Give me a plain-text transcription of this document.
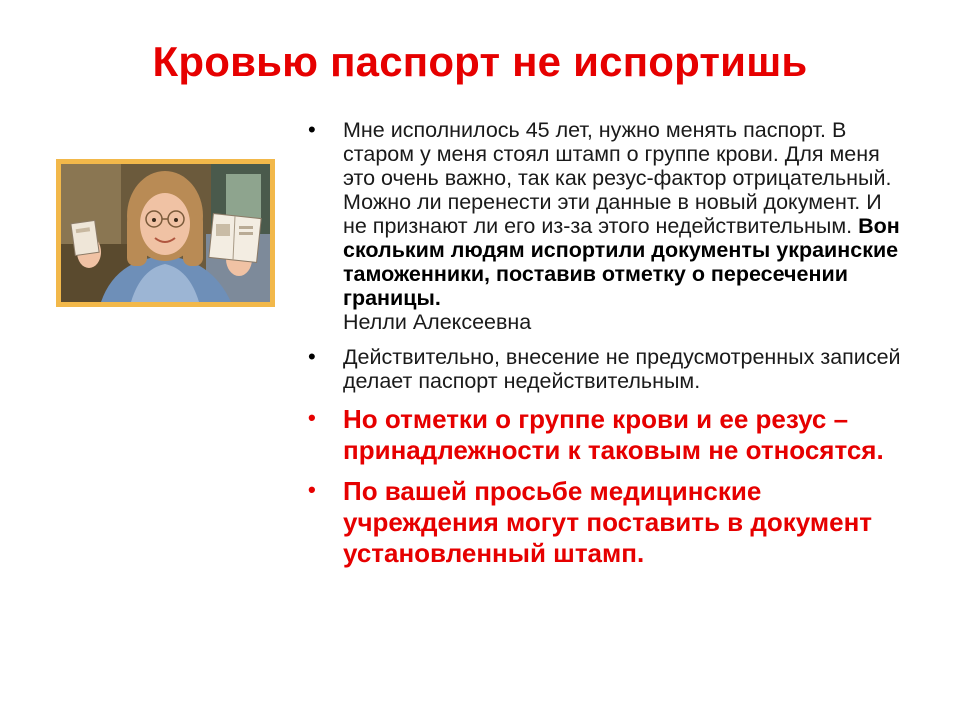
Кровью паспорт не испортишь
• Мне исполнилось 45 лет, нужно менять паспорт. В старом у меня стоял штамп о группе крови. Для меня это очень важно, так как резус-фактор отрицательный. Можно ли перенести эти данные в новый документ. И не признают ли его из-за этого недействительным. Вон скольким людям испортили документы украинские таможенники, поставив отметку о пересечении границы.
Нелли Алексеевна
• Действительно, внесение не предусмотренных записей делает паспорт недействительным.
• Но отметки о группе крови и ее резус – принадлежности к таковым не относятся.
• По вашей просьбе медицинские учреждения могут поставить в документ установленный штамп.
